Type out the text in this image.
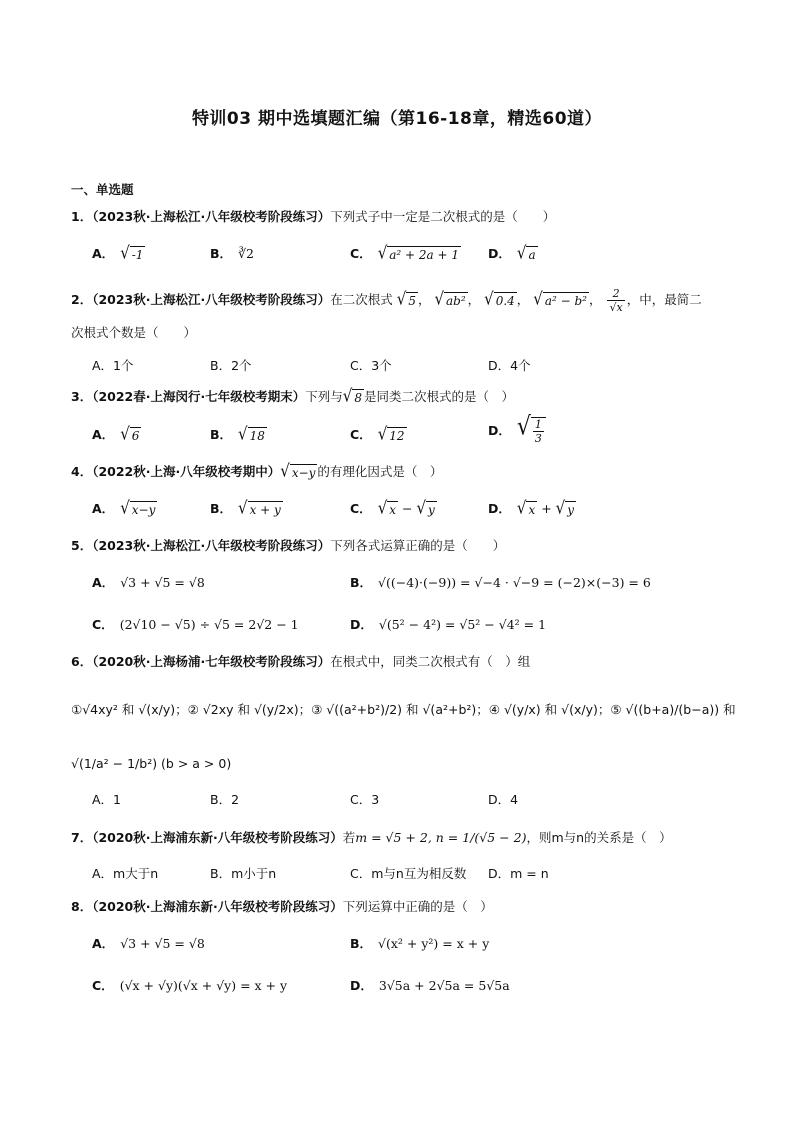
特训03 期中选填题汇编（第16-18章，精选60道）
一、单选题
1．（2023秋·上海松江·八年级校考阶段练习）下列式子中一定是二次根式的是（　　）
A． √ -1	B． ∛2	C． √ a² + 2a + 1 D． √ a
2．（2023秋·上海松江·八年级校考阶段练习）在二次根式 √ 5 ， √ ab² ， √ 0.4 ， √ a² − b² ， $\frac{2}{√x}$ ，中，最简二
次根式个数是（　　）
A．1个	B．2个	C．3个	D．4个
3．（2022春·上海闵行·七年级校考期末）下列与 √ 8 是同类二次根式的是（　）
A． √ 6	B． √ 18	C． √ 12	D． √ $\frac{1}{3}$
4．（2022秋·上海·八年级校考期中） √ x−y 的有理化因式是（　）
A． √ x−y	B． √ x + y	C． √ x − √ y	D． √ x + √ y
5．（2023秋·上海松江·八年级校考阶段练习）下列各式运算正确的是（　　）
A． √3 + √5 = √8	B． √((−4)·(−9)) = √−4 · √−9 = (−2)×(−3) = 6
C． (2√10 − √5) ÷ √5 = 2√2 − 1	D． √(5² − 4²) = √5² − √4² = 1
6．（2020秋·上海杨浦·七年级校考阶段练习）在根式中，同类二次根式有（　）组
①√4xy² 和 √(x/y)；② √2xy 和 √(y/2x)；③ √((a²+b²)/2) 和 √(a²+b²)；④ √(y/x) 和 √(x/y)；⑤ √((b+a)/(b−a)) 和
√(1/a² − 1/b²) (b > a > 0)
A．1	B．2	C．3	D．4
7．（2020秋·上海浦东新·八年级校考阶段练习）若m = √5 + 2, n = 1/(√5 − 2)，则m与n的关系是（　）
A．m大于n	B．m小于n	C．m与n互为相反数 D．m = n
8．（2020秋·上海浦东新·八年级校考阶段练习）下列运算中正确的是（　）
A． √3 + √5 = √8	B． √(x² + y²) = x + y
C． (√x + √y)(√x + √y) = x + y	D． 3√5a + 2√5a = 5√5a
